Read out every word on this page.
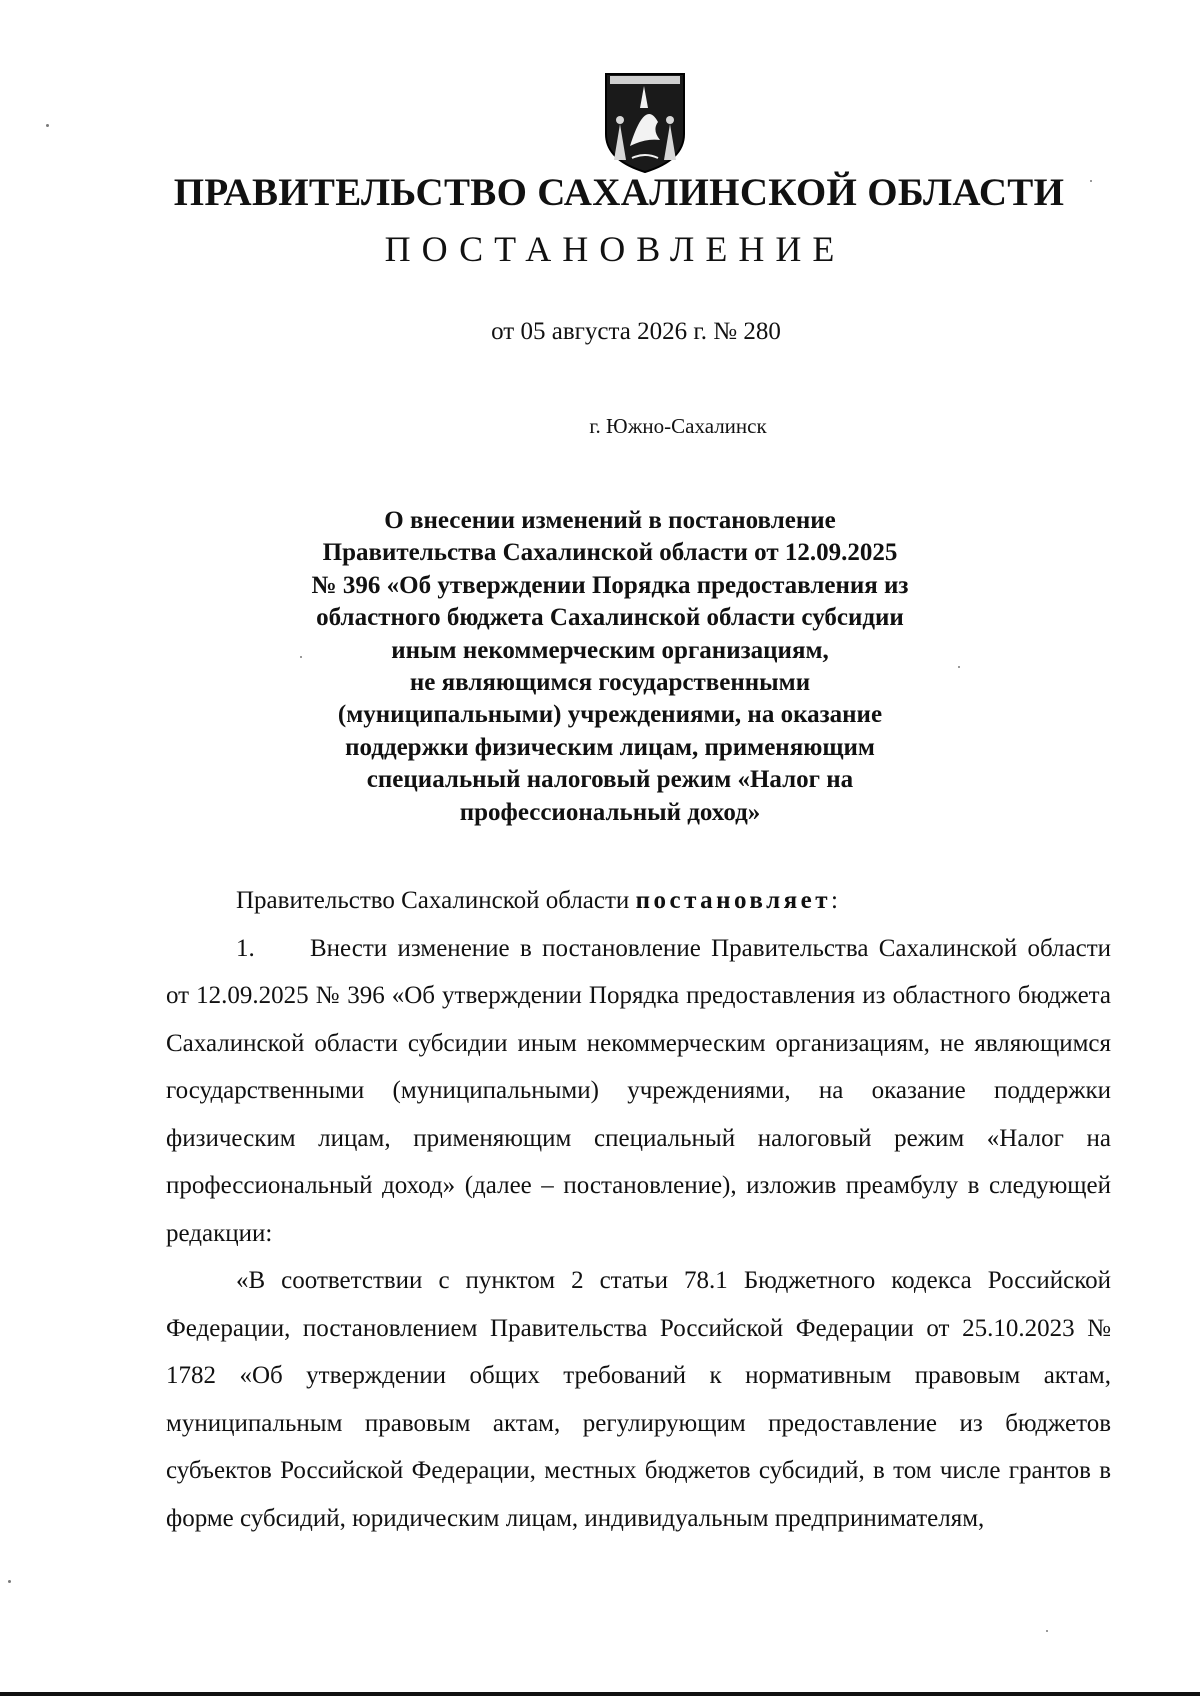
ПРАВИТЕЛЬСТВО САХАЛИНСКОЙ ОБЛАСТИ
ПОСТАНОВЛЕНИЕ
от 05 августа 2026 г. № 280
г. Южно-Сахалинск
О внесении изменений в постановление
Правительства Сахалинской области от 12.09.2025
№ 396 «Об утверждении Порядка предоставления из
областного бюджета Сахалинской области субсидии
иным некоммерческим организациям,
не являющимся государственными
(муниципальными) учреждениями, на оказание
поддержки физическим лицам, применяющим
специальный налоговый режим «Налог на
профессиональный доход»

Правительство Сахалинской области постановляет:

1. Внести изменение в постановление Правительства Сахалинской области от 12.09.2025 № 396 «Об утверждении Порядка предоставления из областного бюджета Сахалинской области субсидии иным некоммерческим организациям, не являющимся государственными (муниципальными) учреждениями, на оказание поддержки физическим лицам, применяющим специальный налоговый режим «Налог на профессиональный доход» (далее – постановление), изложив преамбулу в следующей редакции:

«В соответствии с пунктом 2 статьи 78.1 Бюджетного кодекса Российской Федерации, постановлением Правительства Российской Федерации от 25.10.2023 № 1782 «Об утверждении общих требований к нормативным правовым актам, муниципальным правовым актам, регулирующим предоставление из бюджетов субъектов Российской Федерации, местных бюджетов субсидий, в том числе грантов в форме субсидий, юридическим лицам, индивидуальным предпринимателям,
